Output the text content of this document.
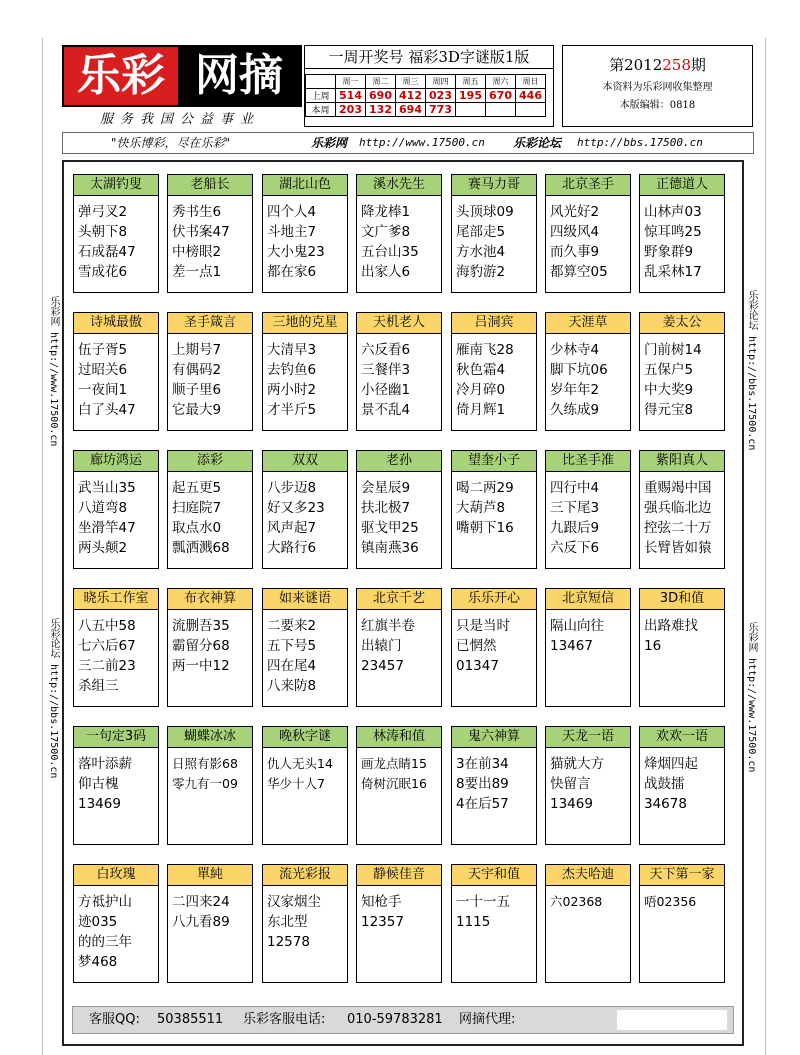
乐彩 网摘
服务我国公益事业
一周开奖号 福彩3D字谜版1版
	周一	周二	周三	周四	周五	周六	周日
上周	514	690	412	023	195	670	446
本周	203	132	694	773			
第2012258期
本资料为乐彩网收集整理
本版编辑：0818
"快乐博彩，尽在乐彩"	乐彩网 http://www.17500.cn 乐彩论坛 http://bbs.17500.cn
乐彩网 http://www.17500.cn
乐彩论坛 http://bbs.17500.cn
乐彩论坛 http://bbs.17500.cn
乐彩网 http://www.17500.cn
太湖钓叟
弹弓叉2
头朝下8
石成磊47
雪成花6
老船长
秀书生6
伏书案47
中榜眼2
差一点1
湖北山色
四个人4
斗地主7
大小鬼23
都在家6
溪水先生
降龙棒1
文广爹8
五台山35
出家人6
赛马力哥
头顶球09
尾部走5
方水池4
海豹游2
北京圣手
风光好2
四级风4
而久事9
都算空05
正德道人
山林声03
惊耳鸣25
野象群9
乱采林17
诗城最傲
伍子胥5
过昭关6
一夜间1
白了头47
圣手箴言
上期号7
有偶码2
顺子里6
它最大9
三地的克星
大清早3
去钓鱼6
两小时2
才半斤5
天机老人
六反看6
三餐伴3
小径幽1
景不乱4
吕洞宾
雁南飞28
秋色霜4
冷月碎0
倚月辉1
天涯草
少林寺4
脚下坑06
岁年年2
久练成9
姜太公
门前树14
五保户5
中大奖9
得元宝8
廊坊鸿运
武当山35
八道弯8
坐滑竿47
两头颠2
添彩
起五更5
扫庭院7
取点水0
瓢洒溅68
双双
八步迈8
好又多23
风声起7
大路行6
老孙
会星辰9
扶北极7
驱戈甲25
镇南燕36
望奎小子
喝二两29
大葫芦8
嘴朝下16
比圣手准
四行中4
三下尾3
九跟后9
六反下6
紫阳真人
重赐竭中国
强兵临北边
控弦二十万
长臂皆如猿
晓乐工作室
八五中58
七六后67
三二前23
杀组三
布衣神算
流删吾35
霸留分68
两一中12
如来谜语
二要来2
五下号5
四在尾4
八来防8
北京千艺
红旗半卷
出辕门
23457
乐乐开心
只是当时
已惘然
01347
北京短信
隔山向往
13467
3D和值
出路难找
16
一句定3码
落叶添薪
仰古槐
13469
蝴蝶冰冰
日照有影68
零九有一09
晚秋字谜
仇人无头14
华少十人7
林涛和值
画龙点睛15
倚树沉眠16
鬼六神算
3在前34
8要出89
4在后57
天龙一语
猫就大方
快留言
13469
欢欢一语
烽烟四起
战鼓擂
34678
白玫瑰
方祗护山
迹035
的的三年
梦468
單純
二四来24
八九看89
流光彩报
汉家烟尘
东北型
12578
静候佳音
知枪手
12357
天宇和值
一十一五
1115
杰夫哈迪
六02368
天下第一家
唔02356
客服QQ: 50385511 乐彩客服电话: 010-59783281 网摘代理:
